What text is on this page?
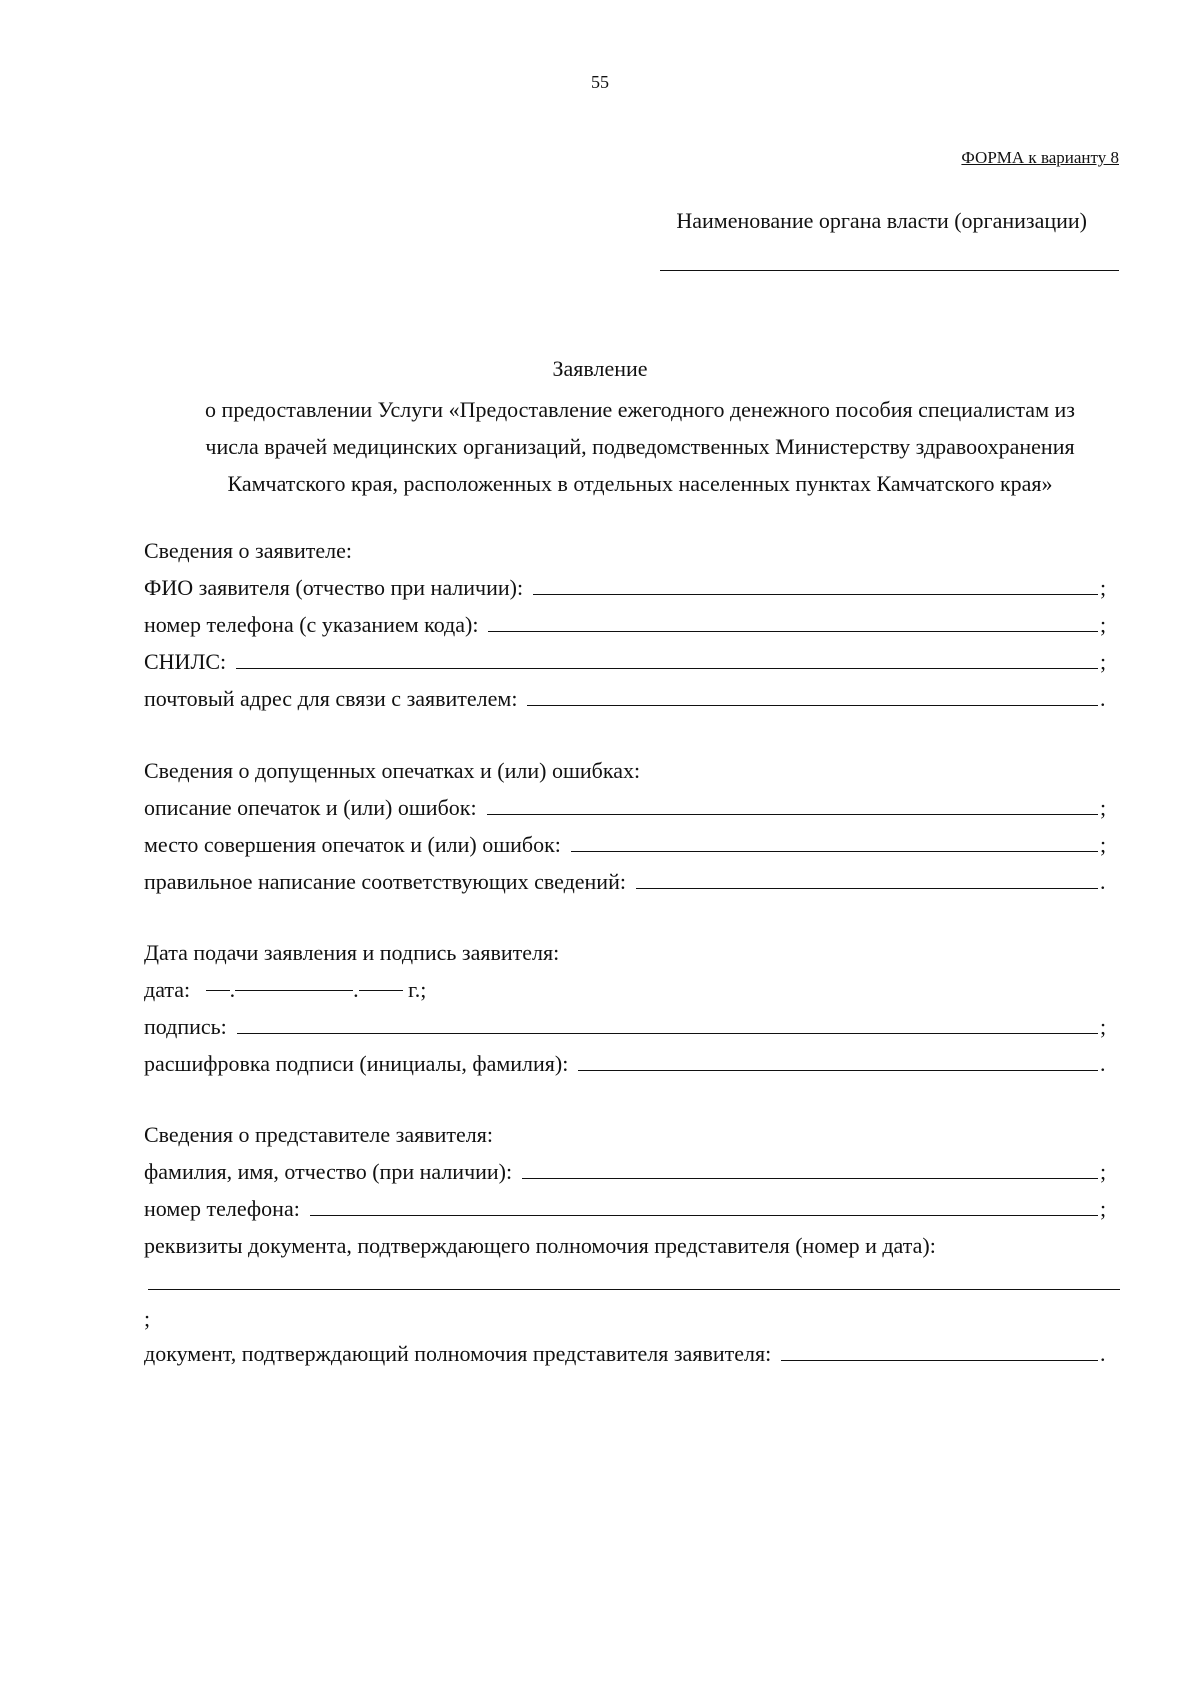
55
ФОРМА к варианту 8
Наименование органа власти (организации)
Заявление
о предоставлении Услуги «Предоставление ежегодного денежного пособия специалистам из
числа врачей медицинских организаций, подведомственных Министерству здравоохранения
Камчатского края, расположенных в отдельных населенных пунктах Камчатского края»
Сведения о заявителе:
ФИО заявителя (отчество при наличии):	;
номер телефона (с указанием кода):	;
СНИЛС:	;
почтовый адрес для связи с заявителем:	.
Сведения о допущенных опечатках и (или) ошибках:
описание опечаток и (или) ошибок:	;
место совершения опечаток и (или) ошибок:	;
правильное написание соответствующих сведений:	.
Дата подачи заявления и подпись заявителя:
дата: .	. г.;
подпись:	;
расшифровка подписи (инициалы, фамилия):	.
Сведения о представителе заявителя:
фамилия, имя, отчество (при наличии):	;
номер телефона:	;
реквизиты документа, подтверждающего полномочия представителя (номер и дата):
;
документ, подтверждающий полномочия представителя заявителя:	.
